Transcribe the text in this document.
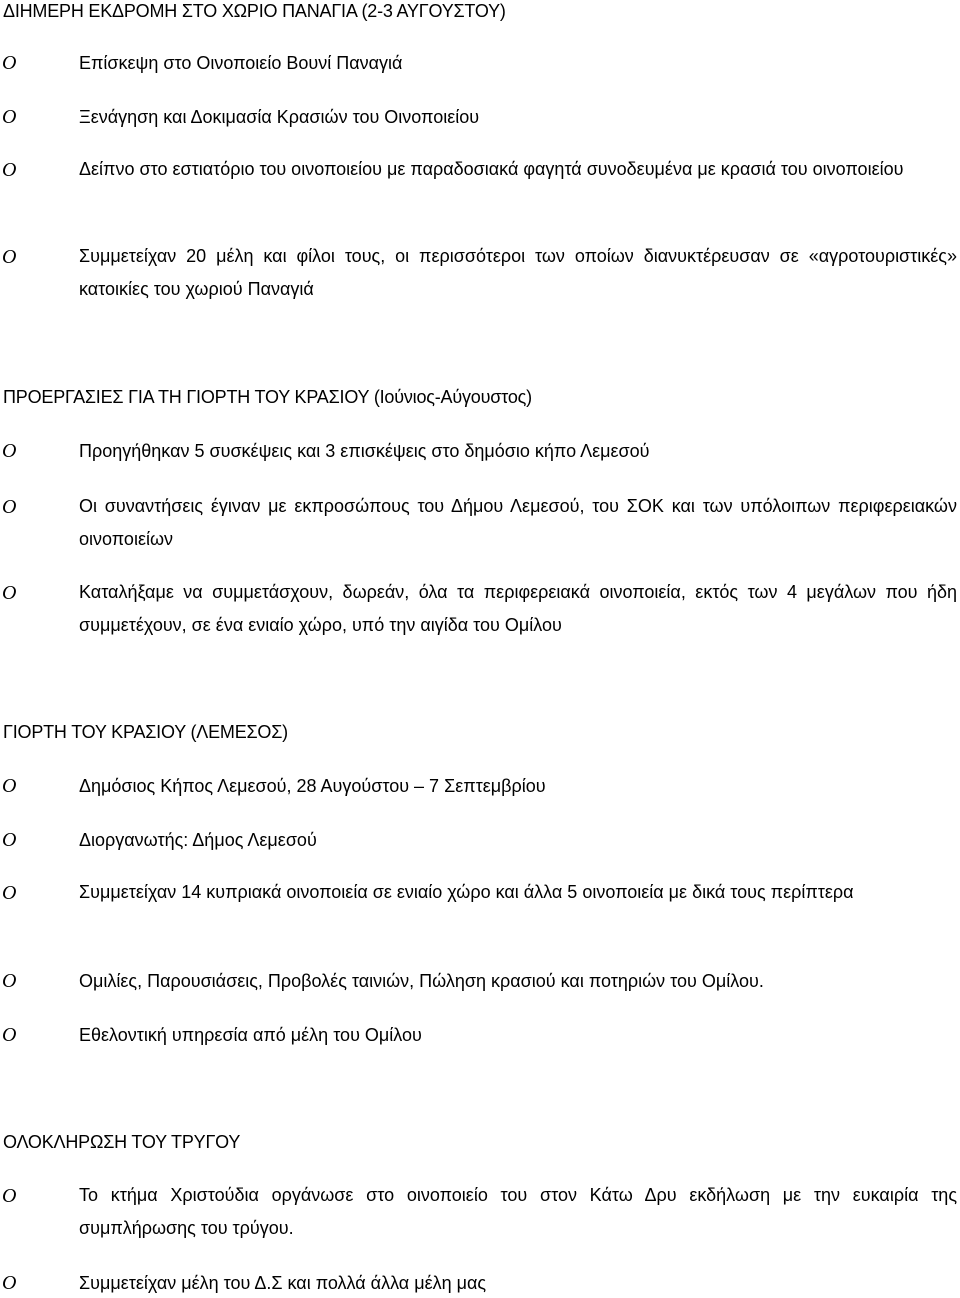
ΔΙΗΜΕΡΗ ΕΚΔΡΟΜΗ ΣΤΟ ΧΩΡΙΟ ΠΑΝΑΓΙΑ (2-3 ΑΥΓΟΥΣΤΟΥ)
O	Επίσκεψη στο Οινοποιείο Βουνί Παναγιά
O	Ξενάγηση και Δοκιμασία Κρασιών του Οινοποιείου
O	Δείπνο στο εστιατόριο του οινοποιείου με παραδοσιακά φαγητά συνοδευμένα με κρασιά του οινοποιείου
O	Συμμετείχαν 20 μέλη και φίλοι τους, οι περισσότεροι των οποίων διανυκτέρευσαν σε «αγροτουριστικές» κατοικίες του χωριού Παναγιά
ΠΡΟΕΡΓΑΣΙΕΣ ΓΙΑ ΤΗ ΓΙΟΡΤΗ ΤΟΥ ΚΡΑΣΙΟΥ (Ιούνιος-Αύγουστος)
O	Προηγήθηκαν 5 συσκέψεις και 3 επισκέψεις στο δημόσιο κήπο Λεμεσού
O	Οι συναντήσεις έγιναν με εκπροσώπους του Δήμου Λεμεσού, του ΣΟΚ και των υπόλοιπων περιφερειακών οινοποιείων
O	Καταλήξαμε να συμμετάσχουν, δωρεάν, όλα τα περιφερειακά οινοποιεία, εκτός των 4 μεγάλων που ήδη συμμετέχουν, σε ένα ενιαίο χώρο, υπό την αιγίδα του Ομίλου
ΓΙΟΡΤΗ ΤΟΥ ΚΡΑΣΙΟΥ (ΛΕΜΕΣΟΣ)
O	Δημόσιος Κήπος Λεμεσού, 28 Αυγούστου – 7 Σεπτεμβρίου
O	Διοργανωτής: Δήμος Λεμεσού
O	Συμμετείχαν 14 κυπριακά οινοποιεία σε ενιαίο χώρο και άλλα 5 οινοποιεία με δικά τους περίπτερα
O	Ομιλίες, Παρουσιάσεις, Προβολές ταινιών, Πώληση κρασιού και ποτηριών του Ομίλου.
O	Εθελοντική υπηρεσία από μέλη του Ομίλου
ΟΛΟΚΛΗΡΩΣΗ ΤΟΥ ΤΡΥΓΟΥ
O	Το κτήμα Χριστούδια οργάνωσε στο οινοποιείο του στον Κάτω Δρυ εκδήλωση με την ευκαιρία της συμπλήρωσης του τρύγου.
O	Συμμετείχαν μέλη του Δ.Σ και πολλά άλλα μέλη μας
